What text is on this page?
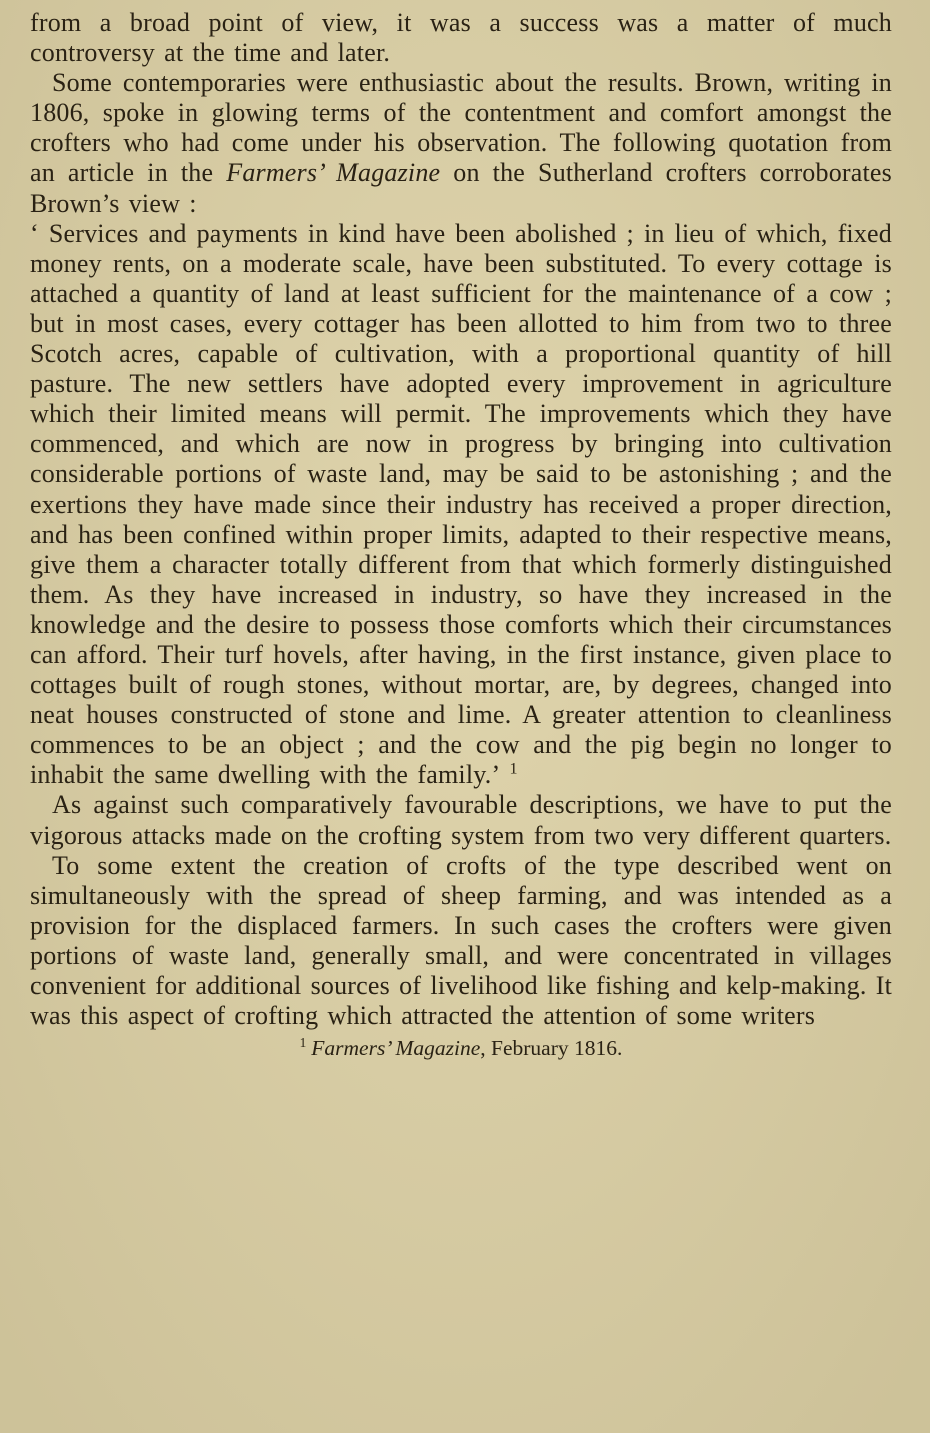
from a broad point of view, it was a success was a matter of much controversy at the time and later.

Some contemporaries were enthusiastic about the results. Brown, writing in 1806, spoke in glowing terms of the contentment and comfort amongst the crofters who had come under his observation. The following quotation from an article in the Farmers’ Magazine on the Sutherland crofters corroborates Brown’s view :

‘ Services and payments in kind have been abolished ; in lieu of which, fixed money rents, on a moderate scale, have been substituted. To every cottage is attached a quantity of land at least sufficient for the maintenance of a cow ; but in most cases, every cottager has been allotted to him from two to three Scotch acres, capable of cultivation, with a proportional quantity of hill pasture. The new settlers have adopted every improvement in agriculture which their limited means will permit. The improvements which they have commenced, and which are now in progress by bringing into cultivation considerable portions of waste land, may be said to be astonishing ; and the exertions they have made since their industry has received a proper direction, and has been confined within proper limits, adapted to their respective means, give them a character totally different from that which formerly distinguished them. As they have increased in industry, so have they increased in the knowledge and the desire to possess those comforts which their circumstances can afford. Their turf hovels, after having, in the first instance, given place to cottages built of rough stones, without mortar, are, by degrees, changed into neat houses constructed of stone and lime. A greater attention to cleanliness commences to be an object ; and the cow and the pig begin no longer to inhabit the same dwelling with the family.’ $^1$

As against such comparatively favourable descriptions, we have to put the vigorous attacks made on the crofting system from two very different quarters.

To some extent the creation of crofts of the type described went on simultaneously with the spread of sheep farming, and was intended as a provision for the displaced farmers. In such cases the crofters were given portions of waste land, generally small, and were concentrated in villages convenient for additional sources of livelihood like fishing and kelp-making. It was this aspect of crofting which attracted the attention of some writers

$^1$ Farmers’ Magazine, February 1816.
